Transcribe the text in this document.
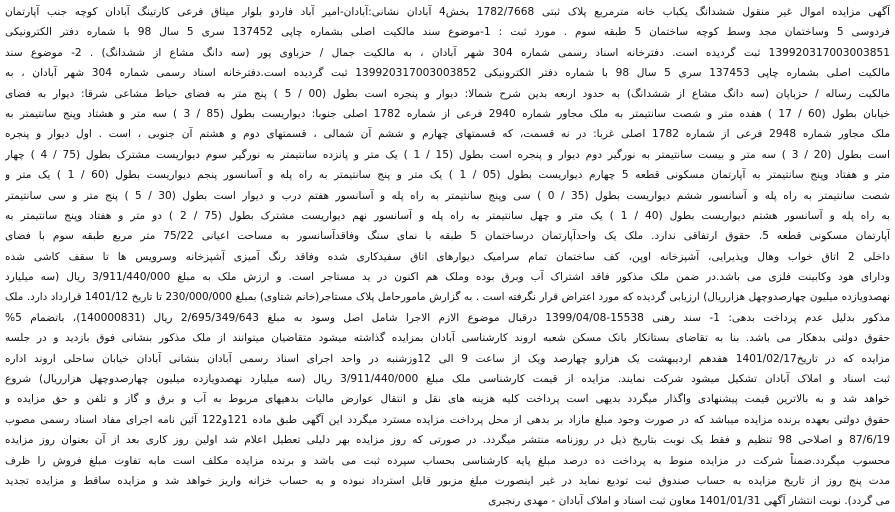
آگهی مزایده اموال غیر منقول ششدانگ یکباب خانه مترمربع پلاک ثبتی 1782/7668 بخش4 آبادان نشانی:آبادان-امیر آباد فاردو بلوار میثاق فرعی کارتینگ آبادان کوچه جنب آپارتمان
فردوسی 5 وساختمان مجد وسط کوچه ساختمان 5 طبقه سوم . مورد ثبت : 1-موضوع سند مالکیت اصلی بشماره چاپی 137452 سری 5 سال 98 با شماره دفتر الکترونیکی
139920317003003851 ثبت گردیده است. دفترخانه اسناد رسمی شماره 304 شهر آبادان ، به مالکیت جمال / حزباوی پور (سه دانگ مشاع از ششدانگ) . 2- موضوع سند
مالکیت اصلی بشماره چاپی 137453 سری 5 سال 98 با شماره دفتر الکترونیکی 139920317003003852 ثبت گردیده است.دفترخانه اسناد رسمی شماره 304 شهر آبادان ، به
مالکیت رساله / حزباپان (سه دانگ مشاع از ششدانگ) به حدود اربعه بدین شرح شمالا: دیوار و پنجره است بطول (00 / 5 ) پنج متر به فضای حیاط مشاعی شرقا: دیوار به فضای
خیابان بطول (60 / 17 ) هفده متر و شصت سانتیمتر به ملک مجاور شماره 2940 فرعی از شماره 1782 اصلی جنوبا: دیواریست بطول (85 / 3 ) سه متر و هشتاد وپنج سانتیمتر به
ملک مجاور شماره 2948 فرعی از شماره 1782 اصلی غربا: در نه قسمت، که قسمتهای چهارم و ششم آن شمالی ، قسمتهای دوم و هشتم آن جنوبی ، است . اول دیوار و پنجره
است بطول (20 / 3 ) سه متر و بیست سانتیمتر به نورگیر دوم دیوار و پنجره است بطول (15 / 1 ) یک متر و پانزده سانتیمتر به نورگیر سوم دیواریست مشترک بطول (75 / 4 ) چهار
متر و هفتاد وپنج سانتیمتر به آپارتمان مسکونی قطعه 5 چهارم دیواریست بطول (05 / 1 ) یک متر و پنج سانتیمتر به راه پله و آسانسور پنجم دیواریست بطول (60 / 1 ) یک متر و
شصت سانتیمتر به راه پله و آسانسور ششم دیواریست بطول (35 / 0 ) سی وپنج سانتیمتر به راه پله و آسانسور هفتم درب و دیوار است بطول (30 / 5 ) پنج متر و سی سانتیمتر
به راه پله و آسانسور هشتم دیواریست بطول (40 / 1 ) یک متر و چهل سانتیمتر به راه پله و آسانسور نهم دیواریست مشترک بطول (75 / 2 ) دو متر و هفتاد وپنج سانتیمتر به
آپارتمان مسکونی قطعه 5. حقوق ارتفاقی ندارد. ملک یک واحدآپارتمان درساختمان 5 طبقه با نمای سنگ وفاقدآسانسور به مساحت اعیانی 75/22 متر مربع طبقه سوم با فضای
داخلی 2 اتاق خواب وهال وپذیرایی، آشپزخانه اوپن، کف ساختمان تمام سرامیک دیوارهای اتاق سفیدکاری شده وفاقد رنگ آمیزی آشپزخانه وسرویس ها تا سقف کاشی شده
ودارای هود وکابینت فلزی می باشد.در ضمن ملک مذکور فاقد اشتراک آب وبرق بوده وملک هم اکنون در ید مستاجر است. و ارزش ملک به مبلغ 3/911/440/000 ریال (سه میلیارد
نهصدویازده میلیون چهارصدوچهل هزارریال) ارزیابی گردیده که مورد اعتراض قرار نگرفته است . به گزارش مامورحامل پلاک مستاجر(خانم شتاوی) بمبلغ 230/000/000 تا تاریخ 1401/12 قرارداد دارد. ملک
مذکور بدلیل عدم پرداخت بدهی: 1- سند رهنی 15538-1399/04/08 درقبال موضوع الازم الاجرا شامل اصل وسود به مبلغ 2/695/349/643 ریال (140000831)، باتضمام 5%
حقوق دولتی بدهکار می باشد. بنا به تقاضای بستانکار بانک مسکن شعبه اروند کارشناسی آبادان بمزایده گذاشته میشود متقاضیان میتوانند از ملک مذکور بنشانی فوق بازدید و در جلسه
مزایده که در تاریخ1401/02/17 هفدهم اردیبهشت یک هزارو چهارصد ویک از ساعت 9 الی 12وزشنبه در واحد اجرای اسناد رسمی آبادان بنشانی آبادان خیابان ساحلی اروند اداره
ثبت اسناد و املاک آبادان تشکیل میشود شرکت نمایند. مزایده از قیمت کارشناسی ملک مبلغ 3/911/440/000 ریال (سه میلیارد نهصدویازده میلیون چهارصدوچهل هزارریال) شروع
خواهد شد و به بالاترین قیمت پیشنهادی واگذار میگردد بدیهی است پرداخت کلیه هزینه های نقل و انتقال عوارض مالیات بدهیهای مربوط به آب و برق و گاز و تلفن و حق مزایده و
حقوق دولتی بعهده برنده مزایده میباشد که در صورت وجود مبلغ مازاد بر بدهی از محل پرداخت مزایده مسترد میگردد این آگهی طبق ماده 121و122 آئین نامه اجرای مفاد اسناد رسمی مصوب
87/6/19 و اصلاحی 98 تنظیم و فقط یک نوبت بتاریخ ذیل در روزنامه منتشر میگردد. در صورتی که روز مزایده بهر دلیلی تعطیل اعلام شد اولین روز کاری بعد از آن بعنوان روز مزایده
محسوب میگردد.ضمناً شرکت در مزایده منوط به پرداخت ده درصد مبلغ پایه کارشناسی بحساب سپرده ثبت می باشد و برنده مزایده مکلف است مابه تفاوت مبلغ فروش را ظرف
مدت پنج روز از تاریخ مزایده به حساب صندوق ثبت تودیع نماید در غیر اینصورت مبلغ مزبور قابل استرداد نبوده و به حساب خزانه واریز خواهد شد و مزایده ساقط و مزایده تجدید
می گردد). نوبت انتشار آگهی 1401/01/31 معاون ثبت اسناد و املاک آبادان - مهدی رنجبری
